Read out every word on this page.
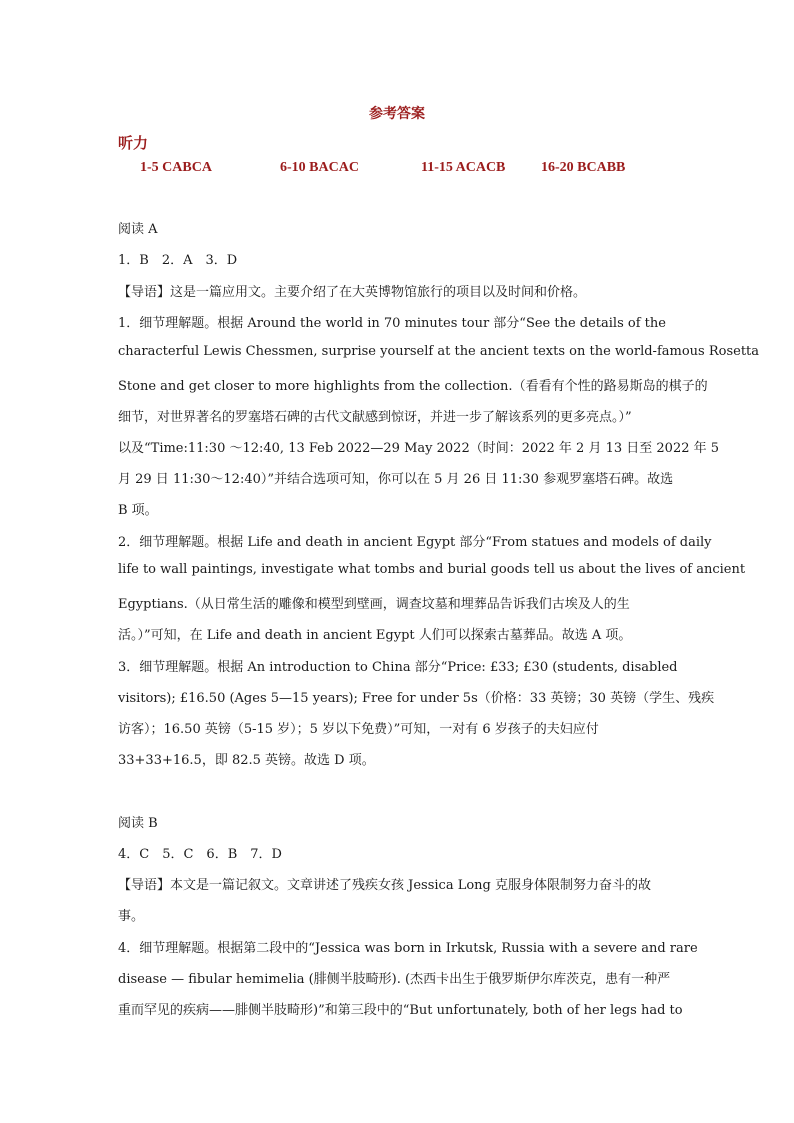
参考答案
听力
1-5 CABCA	6-10 BACAC	11-15 ACACB	16-20 BCABB
阅读 A
1．B　2．A　3．D
【导语】这是一篇应用文。主要介绍了在大英博物馆旅行的项目以及时间和价格。
1．细节理解题。根据 Around the world in 70 minutes tour 部分“See the details of the
characterful Lewis Chessmen, surprise yourself at the ancient texts on the world-famous Rosetta
Stone and get closer to more highlights from the collection.（看看有个性的路易斯岛的棋子的
细节，对世界著名的罗塞塔石碑的古代文献感到惊讶，并进一步了解该系列的更多亮点。）”
以及“Time:11:30 ～12:40, 13 Feb 2022—29 May 2022（时间：2022 年 2 月 13 日至 2022 年 5
月 29 日 11:30～12:40）”并结合选项可知，你可以在 5 月 26 日 11:30 参观罗塞塔石碑。故选
B 项。
2．细节理解题。根据 Life and death in ancient Egypt 部分“From statues and models of daily
life to wall paintings, investigate what tombs and burial goods tell us about the lives of ancient
Egyptians.（从日常生活的雕像和模型到壁画，调查坟墓和埋葬品告诉我们古埃及人的生
活。）”可知，在 Life and death in ancient Egypt 人们可以探索古墓葬品。故选 A 项。
3．细节理解题。根据 An introduction to China 部分“Price: £33; £30 (students, disabled
visitors); £16.50 (Ages 5—15 years); Free for under 5s（价格：33 英镑；30 英镑（学生、残疾
访客）；16.50 英镑（5-15 岁）；5 岁以下免费）”可知，一对有 6 岁孩子的夫妇应付
33+33+16.5，即 82.5 英镑。故选 D 项。
阅读 B
4．C　5．C　6．B　7．D
【导语】本文是一篇记叙文。文章讲述了残疾女孩 Jessica Long 克服身体限制努力奋斗的故
事。
4．细节理解题。根据第二段中的“Jessica was born in Irkutsk, Russia with a severe and rare
disease — fibular hemimelia (腓侧半肢畸形). (杰西卡出生于俄罗斯伊尔库茨克，患有一种严
重而罕见的疾病——腓侧半肢畸形)”和第三段中的“But unfortunately, both of her legs had to
